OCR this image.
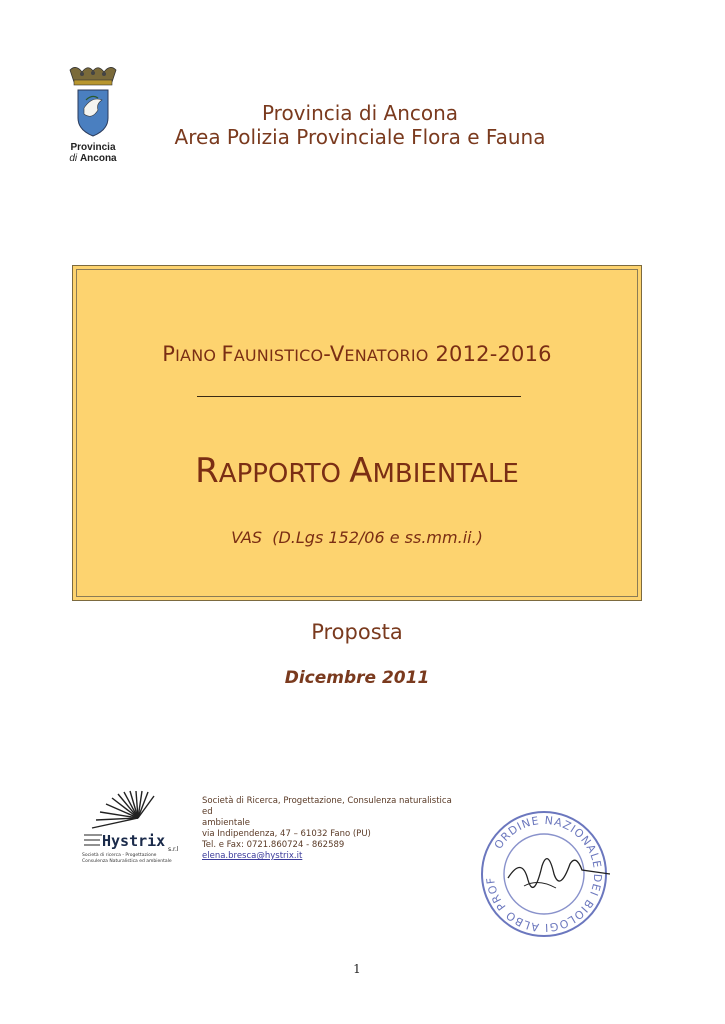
Provincia
di Ancona
Provincia di Ancona
Area Polizia Provinciale Flora e Fauna
PIANO FAUNISTICO-VENATORIO 2012-2016
RAPPORTO AMBIENTALE
VAS  (D.Lgs 152/06 e ss.mm.ii.)
Proposta
Dicembre 2011
Hystrix s.r.l
Società di ricerca - Progettazione
Consulenza Naturalistica ed ambientale
Società di Ricerca, Progettazione, Consulenza naturalistica ed
ambientale
via Indipendenza, 47 – 61032 Fano (PU)
Tel. e Fax: 0721.860724 - 862589
elena.bresca@hystrix.it
ORDINE NAZIONALE DEI BIOLOGI ALBO PROF
1
